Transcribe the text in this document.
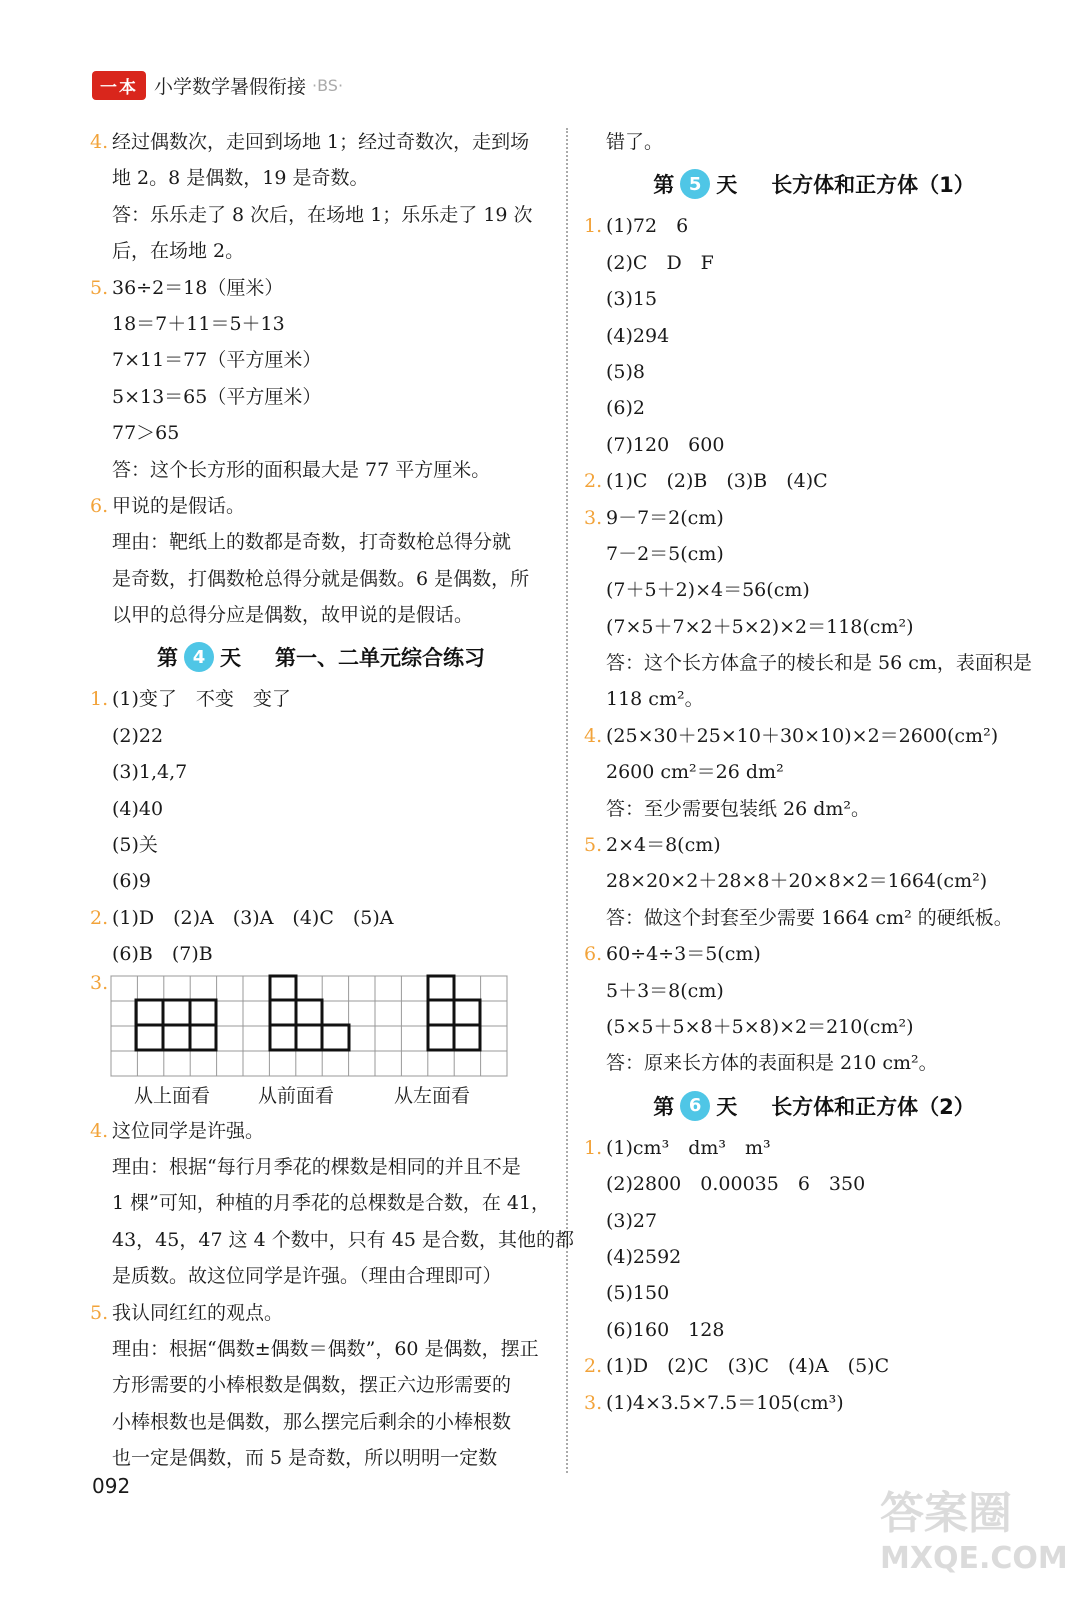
一本 小学数学暑假衔接 ·BS·
4. 经过偶数次，走回到场地 1；经过奇数次，走到场
地 2。8 是偶数，19 是奇数。
答：乐乐走了 8 次后，在场地 1；乐乐走了 19 次
后，在场地 2。
5. 36÷2＝18（厘米）
18＝7＋11＝5＋13
7×11＝77（平方厘米）
5×13＝65（平方厘米）
77＞65
答：这个长方形的面积最大是 77 平方厘米。
6. 甲说的是假话。
理由：靶纸上的数都是奇数，打奇数枪总得分就
是奇数，打偶数枪总得分就是偶数。6 是偶数，所
以甲的总得分应是偶数，故甲说的是假话。
第 4 天 第一、二单元综合练习
1. (1)变了　不变　变了
(2)22
(3)1,4,7
(4)40
(5)关
(6)9
2. (1)D　(2)A　(3)A　(4)C　(5)A
(6)B　(7)B
3.
从上面看	从前面看	从左面看
4. 这位同学是许强。
理由：根据“每行月季花的棵数是相同的并且不是
1 棵”可知，种植的月季花的总棵数是合数，在 41，
43，45，47 这 4 个数中，只有 45 是合数，其他的都
是质数。故这位同学是许强。（理由合理即可）
5. 我认同红红的观点。
理由：根据“偶数±偶数＝偶数”，60 是偶数，摆正
方形需要的小棒根数是偶数，摆正六边形需要的
小棒根数也是偶数，那么摆完后剩余的小棒根数
也一定是偶数，而 5 是奇数，所以明明一定数
错了。
第 5 天 长方体和正方体（1）
1. (1)72　6
(2)C　D　F
(3)15
(4)294
(5)8
(6)2
(7)120　600
2. (1)C　(2)B　(3)B　(4)C
3. 9－7＝2(cm)
7－2＝5(cm)
(7＋5＋2)×4＝56(cm)
(7×5＋7×2＋5×2)×2＝118(cm²)
答：这个长方体盒子的棱长和是 56 cm，表面积是
118 cm²。
4. (25×30＋25×10＋30×10)×2＝2600(cm²)
2600 cm²＝26 dm²
答：至少需要包装纸 26 dm²。
5. 2×4＝8(cm)
28×20×2＋28×8＋20×8×2＝1664(cm²)
答：做这个封套至少需要 1664 cm² 的硬纸板。
6. 60÷4÷3＝5(cm)
5＋3＝8(cm)
(5×5＋5×8＋5×8)×2＝210(cm²)
答：原来长方体的表面积是 210 cm²。
第 6 天 长方体和正方体（2）
1. (1)cm³　dm³　m³
(2)2800　0.00035　6　350
(3)27
(4)2592
(5)150
(6)160　128
2. (1)D　(2)C　(3)C　(4)A　(5)C
3. (1)4×3.5×7.5＝105(cm³)
092
答案圈
MXQE.COM
